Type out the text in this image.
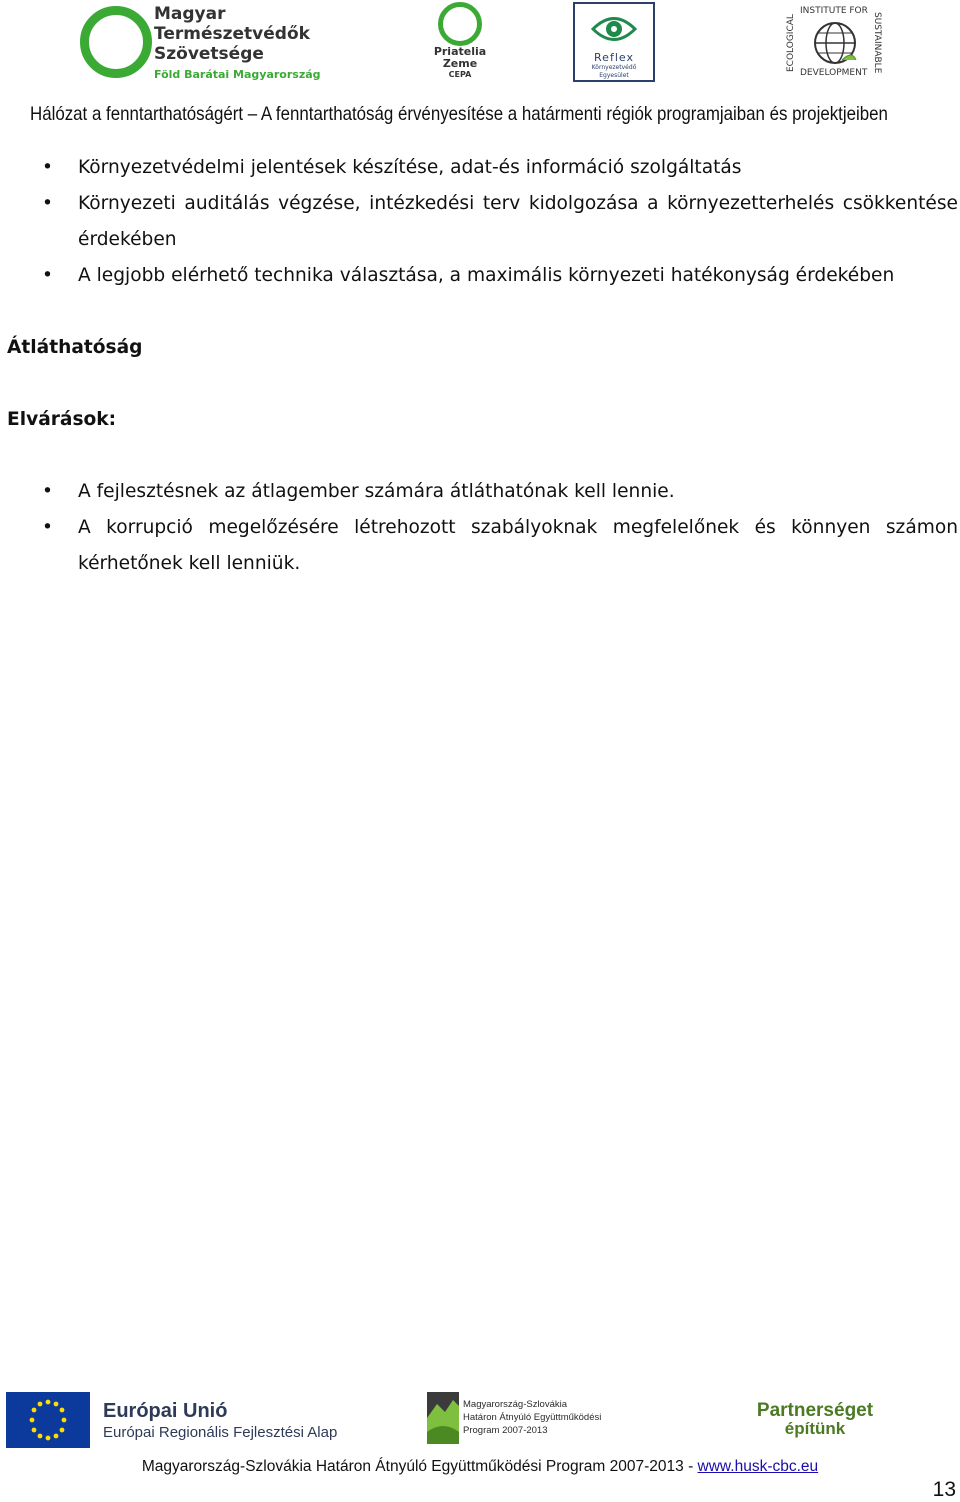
Magyar
Természetvédők
Szövetsége
Föld Barátai Magyarország
Priatelia
Zeme
CEPA
Reflex
Környezetvédő
Egyesület
ECOLOGICAL
INSTITUTE FOR
DEVELOPMENT SUSTAINABLE
Hálózat a fenntarthatóságért – A fenntarthatóság érvényesítése a határmenti régiók programjaiban és projektjeiben
• Környezetvédelmi jelentések készítése, adat-és információ szolgáltatás
• Környezeti auditálás végzése, intézkedési terv kidolgozása a környezetterhelés csökkentése érdekében
• A legjobb elérhető technika választása, a maximális környezeti hatékonyság érdekében
Átláthatóság
Elvárások:
• A fejlesztésnek az átlagember számára átláthatónak kell lennie.
• A korrupció megelőzésére létrehozott szabályoknak megfelelőnek és könnyen számon kérhetőnek kell lenniük.
Európai Unió
Európai Regionális Fejlesztési Alap
Magyarország-Szlovákia
Határon Átnyúló Együttműködési
Program 2007-2013
Partnerséget
építünk
Magyarország-Szlovákia Határon Átnyúló Együttműködési Program 2007-2013 - www.husk-cbc.eu
13
